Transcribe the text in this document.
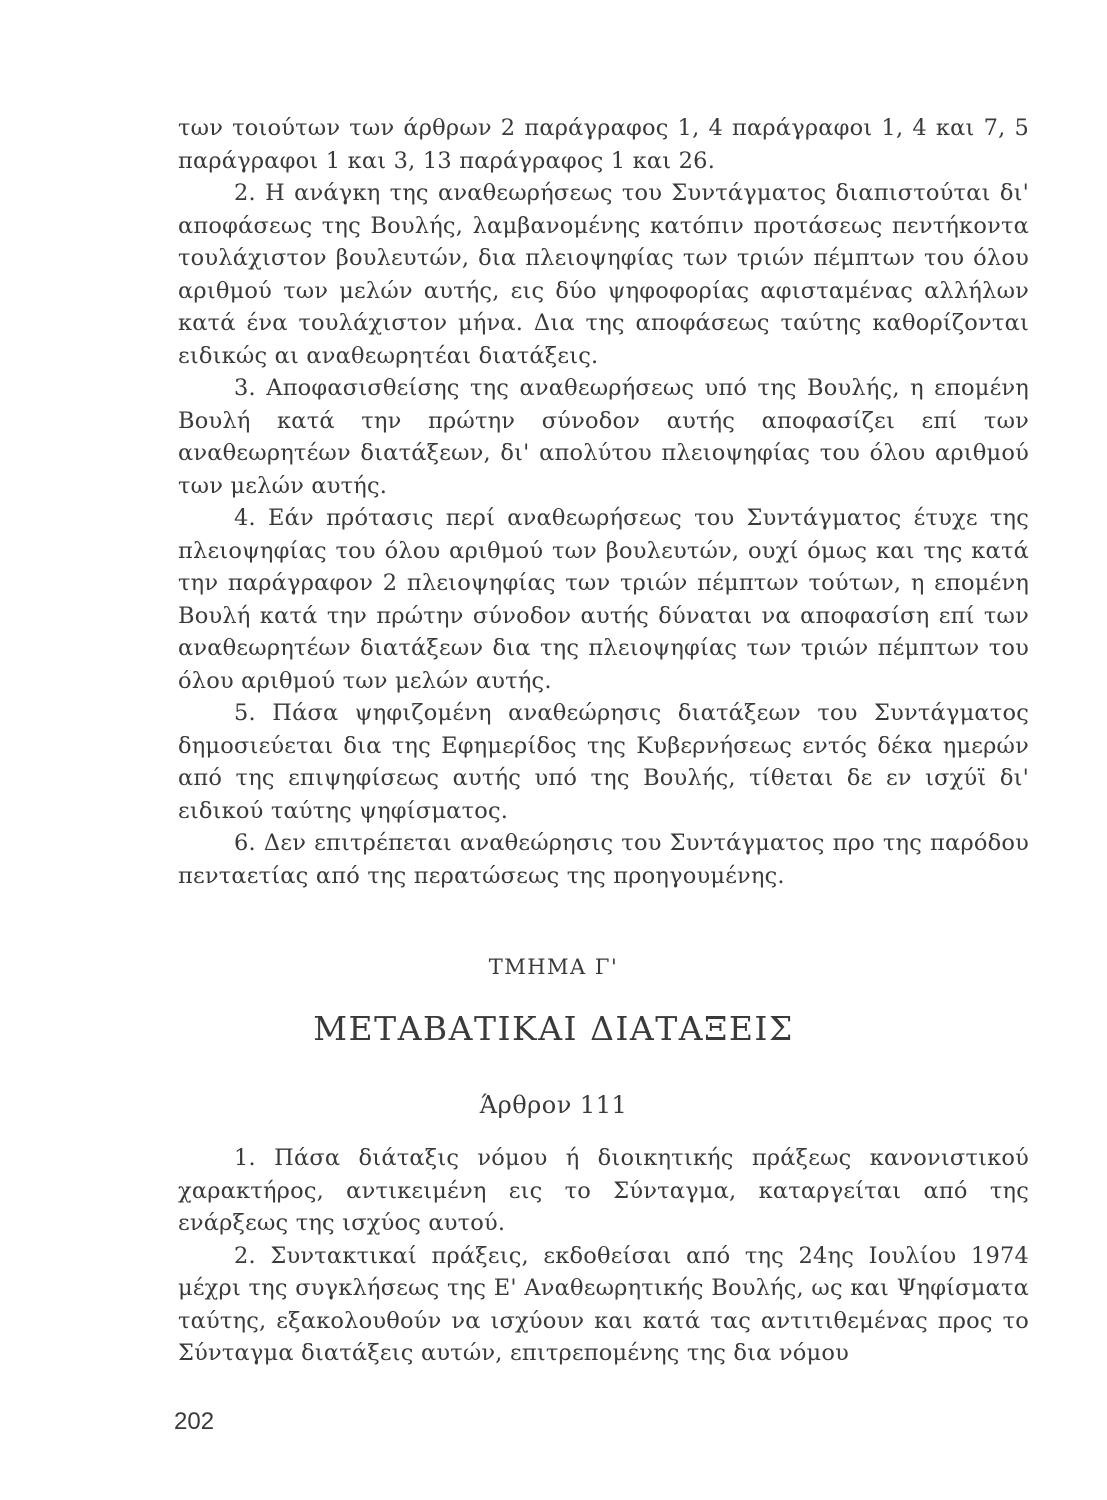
των τοιούτων των άρθρων 2 παράγραφος 1, 4 παράγραφοι 1, 4 και 7, 5 παράγραφοι 1 και 3, 13 παράγραφος 1 και 26.

2. Η ανάγκη της αναθεωρήσεως του Συντάγματος διαπιστούται δι' αποφάσεως της Βουλής, λαμβανομένης κατόπιν προτάσεως πεντήκοντα τουλάχιστον βουλευτών, δια πλειοψηφίας των τριών πέμπτων του όλου αριθμού των μελών αυτής, εις δύο ψηφοφορίας αφισταμένας αλλήλων κατά ένα τουλάχιστον μήνα. Δια της αποφάσεως ταύτης καθορίζονται ειδικώς αι αναθεωρητέαι διατάξεις.

3. Αποφασισθείσης της αναθεωρήσεως υπό της Βουλής, η επομένη Βουλή κατά την πρώτην σύνοδον αυτής αποφασίζει επί των αναθεωρητέων διατάξεων, δι' απολύτου πλειοψηφίας του όλου αριθμού των μελών αυτής.

4. Εάν πρότασις περί αναθεωρήσεως του Συντάγματος έτυχε της πλειοψηφίας του όλου αριθμού των βουλευτών, ουχί όμως και της κατά την παράγραφον 2 πλειοψηφίας των τριών πέμπτων τούτων, η επομένη Βουλή κατά την πρώτην σύνοδον αυτής δύναται να αποφασίση επί των αναθεωρητέων διατάξεων δια της πλειοψηφίας των τριών πέμπτων του όλου αριθμού των μελών αυτής.

5. Πάσα ψηφιζομένη αναθεώρησις διατάξεων του Συντάγματος δημοσιεύεται δια της Εφημερίδος της Κυβερνήσεως εντός δέκα ημερών από της επιψηφίσεως αυτής υπό της Βουλής, τίθεται δε εν ισχύϊ δι' ειδικού ταύτης ψηφίσματος.

6. Δεν επιτρέπεται αναθεώρησις του Συντάγματος προ της παρόδου πενταετίας από της περατώσεως της προηγουμένης.

ΤΜΗΜΑ Γ'
ΜΕΤΑΒΑΤΙΚΑΙ ΔΙΑΤΑΞΕΙΣ
Άρθρον 111

1. Πάσα διάταξις νόμου ή διοικητικής πράξεως κανονιστικού χαρακτήρος, αντικειμένη εις το Σύνταγμα, καταργείται από της ενάρξεως της ισχύος αυτού.

2. Συντακτικαί πράξεις, εκδοθείσαι από της 24ης Ιουλίου 1974 μέχρι της συγκλήσεως της Ε' Αναθεωρητικής Βουλής, ως και Ψηφίσματα ταύτης, εξακολουθούν να ισχύουν και κατά τας αντιτιθεμένας προς το Σύνταγμα διατάξεις αυτών, επιτρεπομένης της δια νόμου

202
